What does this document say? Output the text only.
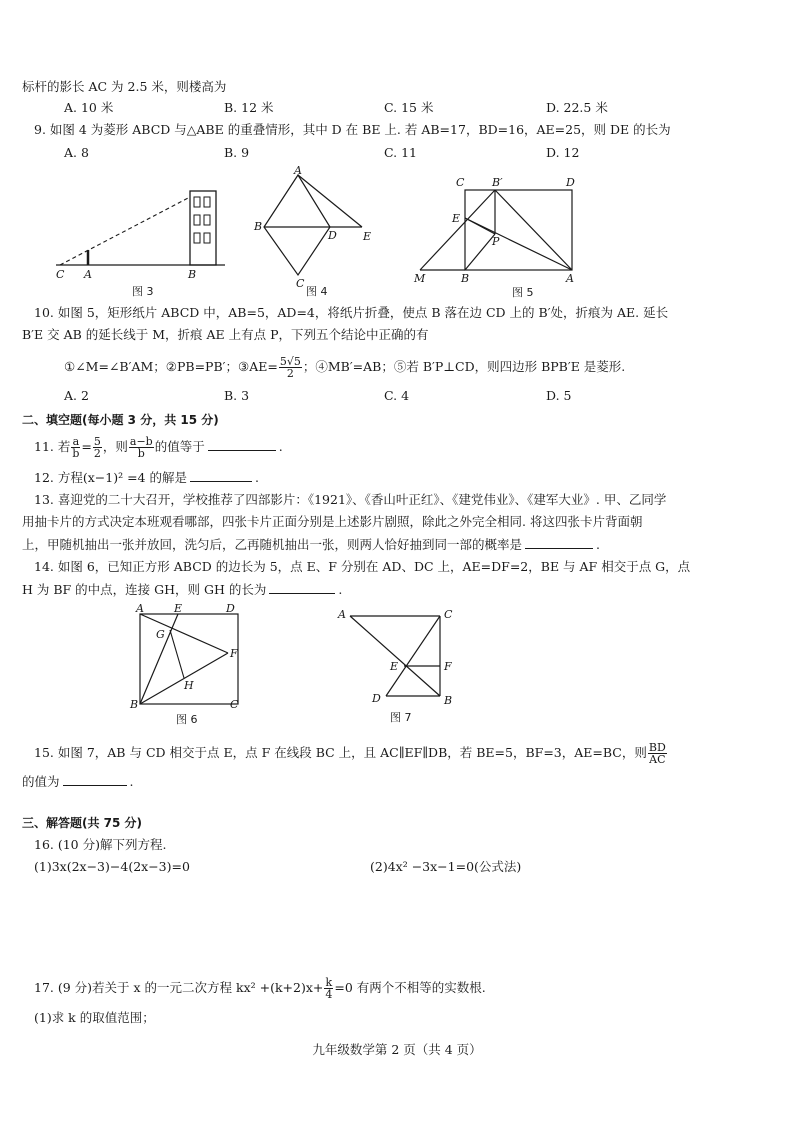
标杆的影长 AC 为 2.5 米，则楼高为
A. 10 米	B. 12 米	C. 15 米	D. 22.5 米
9. 如图 4 为菱形 ABCD 与△ABE 的重叠情形，其中 D 在 BE 上. 若 AB=17，BD=16，AE=25，则 DE 的长为
A. 8	B. 9	C. 11	D. 12
C A	B
图 3
A
B
D E
C
图 4
C	B′	D
E
P
M	B	A
图 5
10. 如图 5，矩形纸片 ABCD 中，AB=5，AD=4，将纸片折叠，使点 B 落在边 CD 上的 B′处，折痕为 AE. 延长
B′E 交 AB 的延长线于 M，折痕 AE 上有点 P，下列五个结论中正确的有
①∠M=∠B′AM；②PB=PB′；③AE= $\frac{5√5}{2}$ ；④MB′=AB；⑤若 B′P⊥CD，则四边形 BPB′E 是菱形.
A. 2	B. 3	C. 4	D. 5
二、填空题(每小题 3 分，共 15 分)
11. 若 $\frac{a}{b} = \frac{5}{2}$ ，则 $\frac{a-b}{b}$ 的值等于	.
12. 方程(x−1)² =4 的解是	.
13. 喜迎党的二十大召开，学校推荐了四部影片：《1921》、《香山叶正红》、《建党伟业》、《建军大业》. 甲、乙同学
用抽卡片的方式决定本班观看哪部，四张卡片正面分别是上述影片剧照，除此之外完全相同. 将这四张卡片背面朝
上，甲随机抽出一张并放回，洗匀后，乙再随机抽出一张，则两人恰好抽到同一部的概率是	.
14. 如图 6，已知正方形 ABCD 的边长为 5，点 E、F 分别在 AD、DC 上，AE=DF=2，BE 与 AF 相交于点 G，点
H 为 BF 的中点，连接 GH，则 GH 的长为	.
A	E	D
G
F
H
B	C
图 6
A	C
E	F
D	B
图 7
15. 如图 7，AB 与 CD 相交于点 E，点 F 在线段 BC 上，且 AC∥EF∥DB，若 BE=5，BF=3，AE=BC，则 $\frac{BD}{AC}$
的值为	.
三、解答题(共 75 分)
16. (10 分)解下列方程.
(1)3x(2x−3)−4(2x−3)=0	(2)4x² −3x−1=0(公式法)
17. (9 分)若关于 x 的一元二次方程 $kx^2 +(k+2)x+ \frac{k}{4} =0$ 有两个不相等的实数根.
(1)求 k 的取值范围；
九年级数学第 2 页（共 4 页）
